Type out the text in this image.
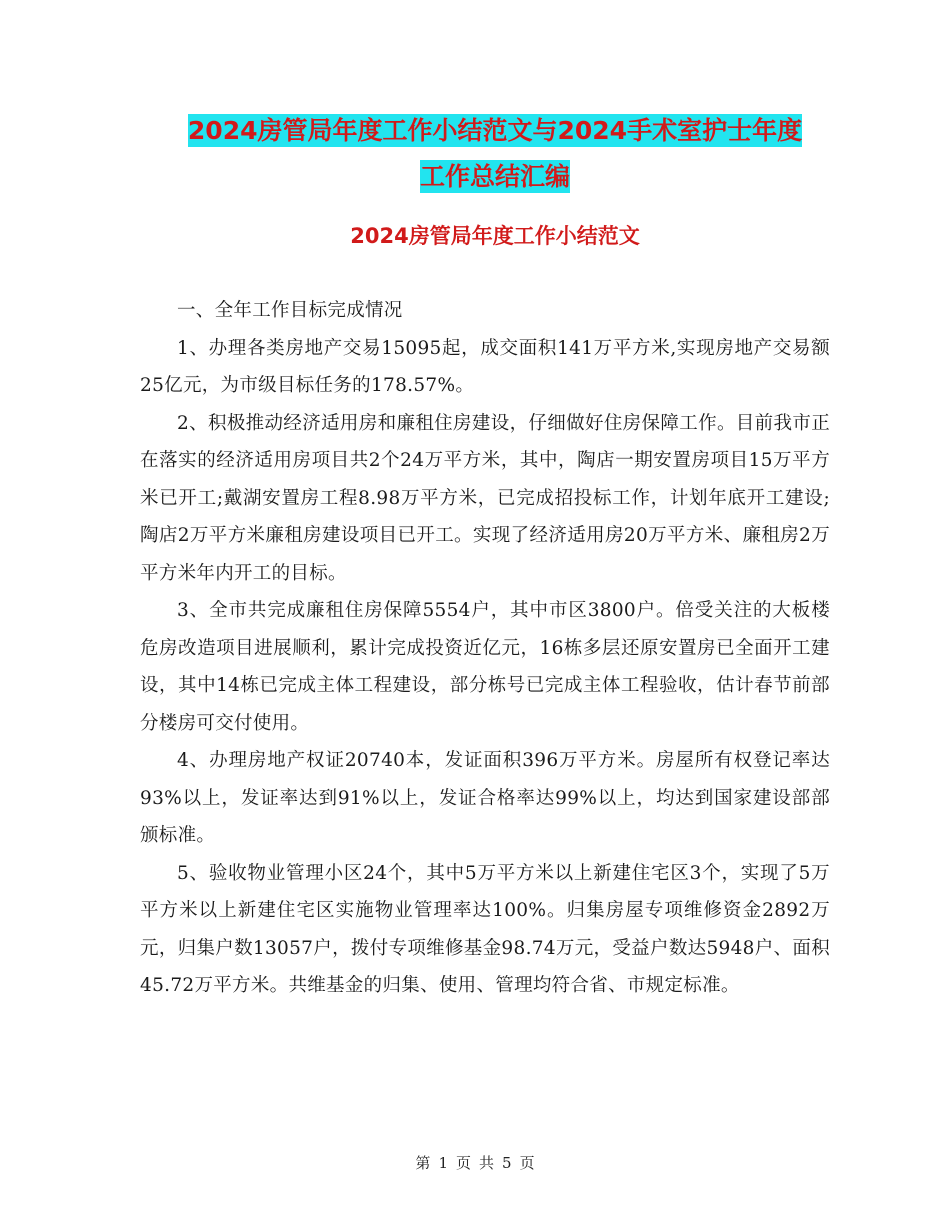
2024房管局年度工作小结范文与2024手术室护士年度
工作总结汇编
2024房管局年度工作小结范文

一、全年工作目标完成情况

1、办理各类房地产交易15095起，成交面积141万平方米,实现房地产交易额25亿元，为市级目标任务的178.57%。

2、积极推动经济适用房和廉租住房建设，仔细做好住房保障工作。目前我市正在落实的经济适用房项目共2个24万平方米，其中，陶店一期安置房项目15万平方米已开工;戴湖安置房工程8.98万平方米，已完成招投标工作，计划年底开工建设;陶店2万平方米廉租房建设项目已开工。实现了经济适用房20万平方米、廉租房2万平方米年内开工的目标。

3、全市共完成廉租住房保障5554户，其中市区3800户。倍受关注的大板楼危房改造项目进展顺利，累计完成投资近亿元，16栋多层还原安置房已全面开工建设，其中14栋已完成主体工程建设，部分栋号已完成主体工程验收，估计春节前部分楼房可交付使用。

4、办理房地产权证20740本，发证面积396万平方米。房屋所有权登记率达93%以上，发证率达到91%以上，发证合格率达99%以上，均达到国家建设部部颁标准。

5、验收物业管理小区24个，其中5万平方米以上新建住宅区3个，实现了5万平方米以上新建住宅区实施物业管理率达100%。归集房屋专项维修资金2892万元，归集户数13057户，拨付专项维修基金98.74万元，受益户数达5948户、面积45.72万平方米。共维基金的归集、使用、管理均符合省、市规定标准。

第 1 页 共 5 页
